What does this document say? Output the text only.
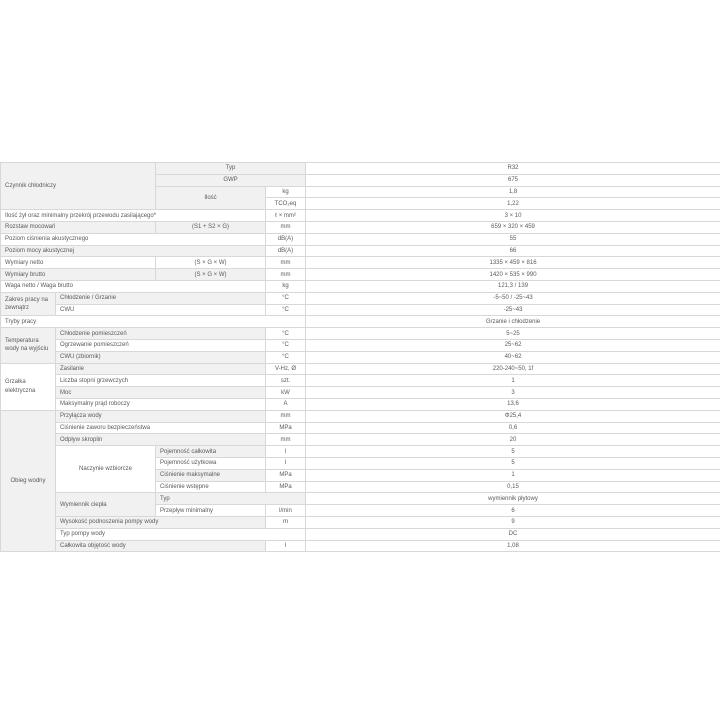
Czynnik chłodniczy		Typ		R32
		GWP		675
		Ilość	kg	1,8
			TCO₂eq	1,22
Ilość żył oraz minimalny przekrój przewodu zasilającego*			ℓ × mm²	3 × 10
Rozstaw mocowań		(S1 + S2 × G)	mm	659 × 320 × 459
Poziom ciśnienia akustycznego			dB(A)	55
Poziom mocy akustycznej			dB(A)	66
Wymiary netto		(S × G × W)	mm	1335 × 459 × 816
Wymiary brutto		(S × G × W)	mm	1420 × 535 × 990
Waga netto / Waga brutto			kg	121,3 / 139
Zakres pracy na zewnątrz	Chłodzenie / Grzanie		°C	-5~50 / -25~43
	CWU		°C	-25~43
Tryby pracy				Grzanie i chłodzenie
Temperatura wody na wyjściu	Chłodzenie pomieszczeń		°C	5~25
	Ogrzewanie pomieszczeń		°C	25~62
	CWU (zbiornik)		°C	40~62
Grzałka elektryczna	Zasilanie		V-Hz, Ø	220-240~50, 1f
	Liczba stopni grzewczych		szt.	1
	Moc		kW	3
	Maksymalny prąd roboczy		A	13,6
Obieg wodny	Przyłącza wody		mm	Φ25,4
	Ciśnienie zaworu bezpieczeństwa		MPa	0,6
	Odpływ skroplin		mm	20
	Naczynie wzbiorcze	Pojemność całkowita	l	5
		Pojemność użytkowa	l	5
		Ciśnienie maksymalne	MPa	1
		Ciśnienie wstępne	MPa	0,15
	Wymiennik ciepła	Typ		wymiennik płytowy
		Przepływ minimalny	l/min	6
	Wysokość podnoszenia pompy wody		m	9
	Typ pompy wody			DC
	Całkowita objętość wody		l	1,08
